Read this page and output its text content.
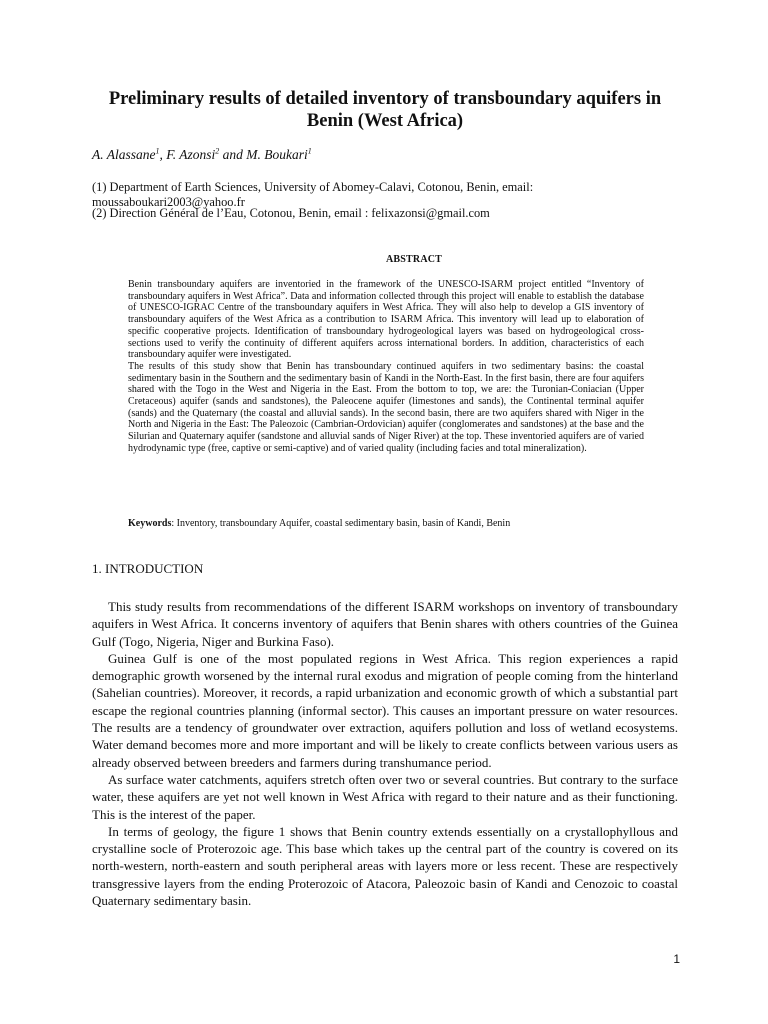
Preliminary results of detailed inventory of transboundary aquifers in Benin (West Africa)
A. Alassane$^1$, F. Azonsi$^2$ and M. Boukari$^1$
(1) Department of Earth Sciences, University of Abomey-Calavi, Cotonou, Benin, email:
moussaboukari2003@yahoo.fr
(2) Direction Général de l’Eau, Cotonou, Benin, email : felixazonsi@gmail.com
ABSTRACT

Benin transboundary aquifers are inventoried in the framework of the UNESCO-ISARM project entitled “Inventory of transboundary aquifers in West Africa”. Data and information collected through this project will enable to establish the database of UNESCO-IGRAC Centre of the transboundary aquifers in West Africa. They will also help to develop a GIS inventory of transboundary aquifers of the West Africa as a contribution to ISARM Africa. This inventory will lead up to elaboration of specific cooperative projects. Identification of transboundary hydrogeological layers was based on hydrogeological cross-sections used to verify the continuity of different aquifers across international borders. In addition, characteristics of each transboundary aquifer were investigated.

The results of this study show that Benin has transboundary continued aquifers in two sedimentary basins: the coastal sedimentary basin in the Southern and the sedimentary basin of Kandi in the North-East. In the first basin, there are four aquifers shared with the Togo in the West and Nigeria in the East. From the bottom to top, we are: the Turonian-Coniacian (Upper Cretaceous) aquifer (sands and sandstones), the Paleocene aquifer (limestones and sands), the Continental terminal aquifer (sands) and the Quaternary (the coastal and alluvial sands). In the second basin, there are two aquifers shared with Niger in the North and Nigeria in the East: The Paleozoic (Cambrian-Ordovician) aquifer (conglomerates and sandstones) at the base and the Silurian and Quaternary aquifer (sandstone and alluvial sands of Niger River) at the top. These inventoried aquifers are of varied hydrodynamic type (free, captive or semi-captive) and of varied quality (including facies and total mineralization).

Keywords: Inventory, transboundary Aquifer, coastal sedimentary basin, basin of Kandi, Benin
1. INTRODUCTION

This study results from recommendations of the different ISARM workshops on inventory of transboundary aquifers in West Africa. It concerns inventory of aquifers that Benin shares with others countries of the Guinea Gulf (Togo, Nigeria, Niger and Burkina Faso).

Guinea Gulf is one of the most populated regions in West Africa. This region experiences a rapid demographic growth worsened by the internal rural exodus and migration of people coming from the hinterland (Sahelian countries). Moreover, it records, a rapid urbanization and economic growth of which a substantial part escape the regional countries planning (informal sector). This causes an important pressure on water resources. The results are a tendency of groundwater over extraction, aquifers pollution and loss of wetland ecosystems. Water demand becomes more and more important and will be likely to create conflicts between various users as already observed between breeders and farmers during transhumance period.

As surface water catchments, aquifers stretch often over two or several countries. But contrary to the surface water, these aquifers are yet not well known in West Africa with regard to their nature and as their functioning. This is the interest of the paper.

In terms of geology, the figure 1 shows that Benin country extends essentially on a crystallophyllous and crystalline socle of Proterozoic age. This base which takes up the central part of the country is covered on its north-western, north-eastern and south peripheral areas with layers more or less recent. These are respectively transgressive layers from the ending Proterozoic of Atacora, Paleozoic basin of Kandi and Cenozoic to coastal Quaternary sedimentary basin.

1
